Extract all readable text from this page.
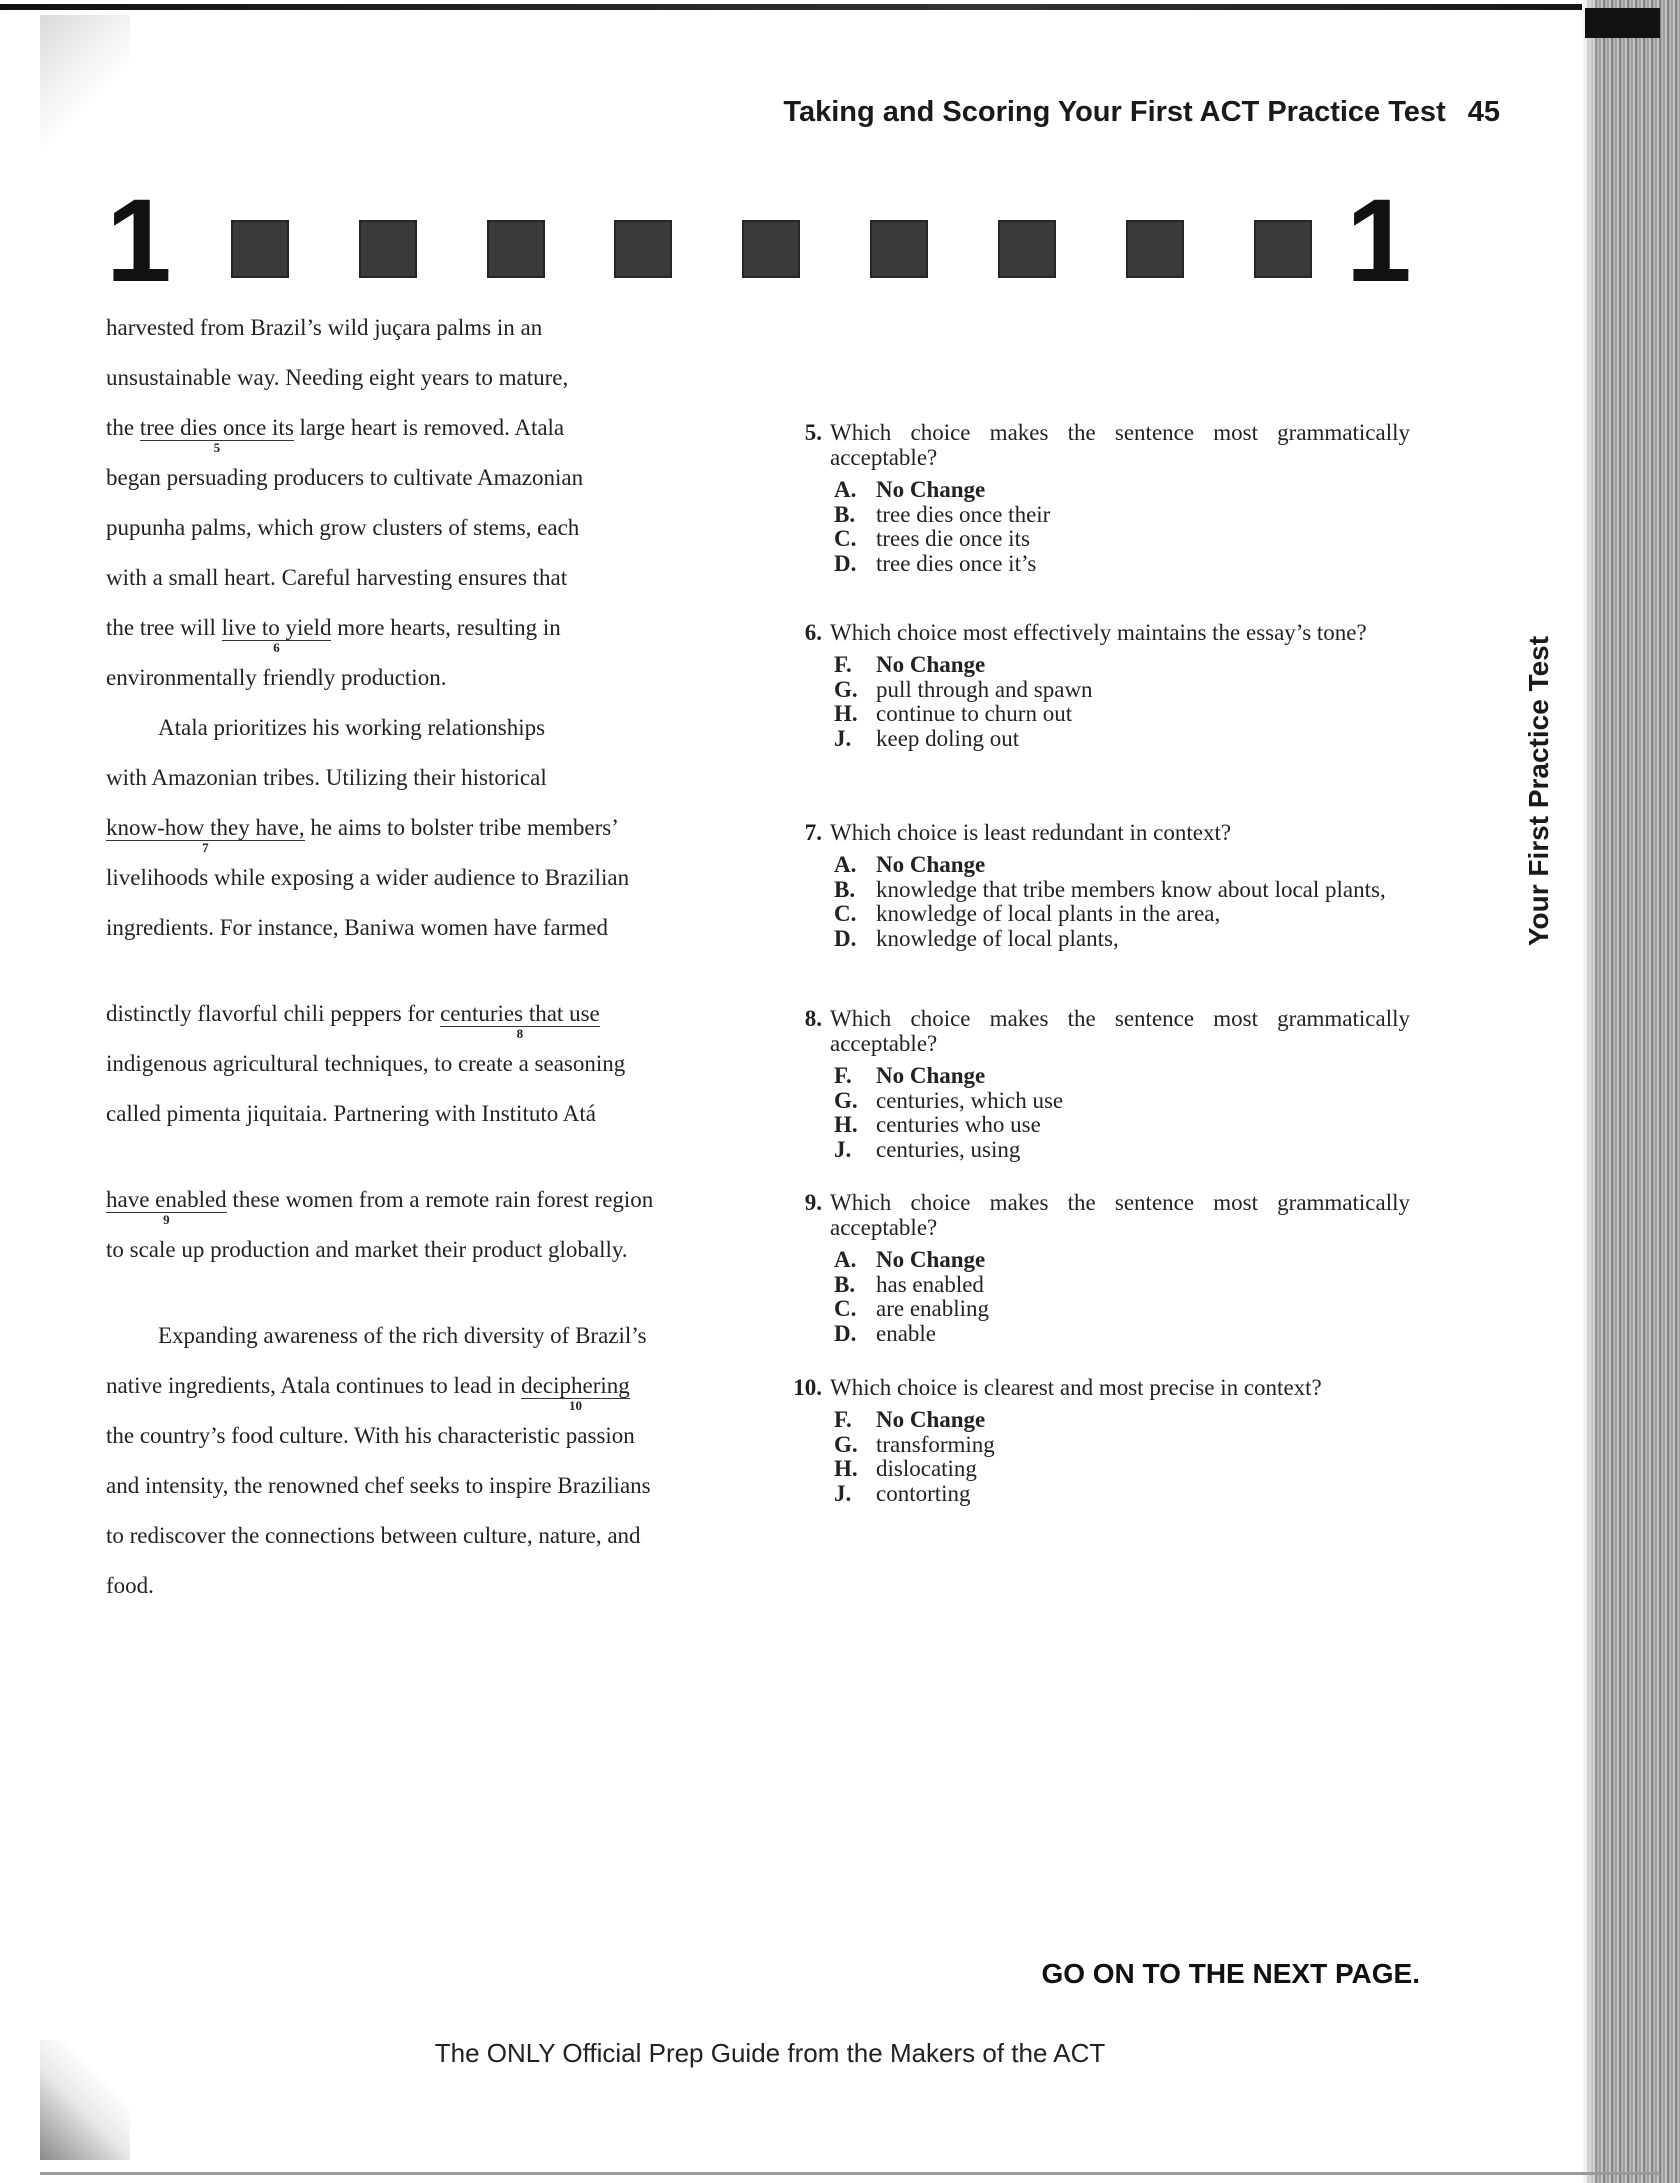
Taking and Scoring Your First ACT Practice Test 45
1	1
harvested from Brazil’s wild juçara palms in an
unsustainable way. Needing eight years to mature,
the tree dies once its
5
large heart is removed. Atala
began persuading producers to cultivate Amazonian
pupunha palms, which grow clusters of stems, each
with a small heart. Careful harvesting ensures that
the tree will live to yield
6
more hearts, resulting in
environmentally friendly production.
Atala prioritizes his working relationships
with Amazonian tribes. Utilizing their historical
know-how they have,
7
he aims to bolster tribe members’
livelihoods while exposing a wider audience to Brazilian
ingredients. For instance, Baniwa women have farmed
distinctly flavorful chili peppers for centuries that use
8
indigenous agricultural techniques, to create a seasoning
called pimenta jiquitaia. Partnering with Instituto Atá
have enabled
9
these women from a remote rain forest region
to scale up production and market their product globally.
Expanding awareness of the rich diversity of Brazil’s
native ingredients, Atala continues to lead in deciphering
10
the country’s food culture. With his characteristic passion
and intensity, the renowned chef seeks to inspire Brazilians
to rediscover the connections between culture, nature, and
food.
5. Which choice makes the sentence most grammatically acceptable?
A. No Change
B. tree dies once their
C. trees die once its
D. tree dies once it’s
6. Which choice most effectively maintains the essay’s tone?
F. No Change
G. pull through and spawn
H. continue to churn out
J. keep doling out
7. Which choice is least redundant in context?
A. No Change
B. knowledge that tribe members know about local plants,
C. knowledge of local plants in the area,
D. knowledge of local plants,
8. Which choice makes the sentence most grammatically acceptable?
F. No Change
G. centuries, which use
H. centuries who use
J. centuries, using
9. Which choice makes the sentence most grammatically acceptable?
A. No Change
B. has enabled
C. are enabling
D. enable
10. Which choice is clearest and most precise in context?
F. No Change
G. transforming
H. dislocating
J. contorting
Your First Practice Test
GO ON TO THE NEXT PAGE.
The ONLY Official Prep Guide from the Makers of the ACT
